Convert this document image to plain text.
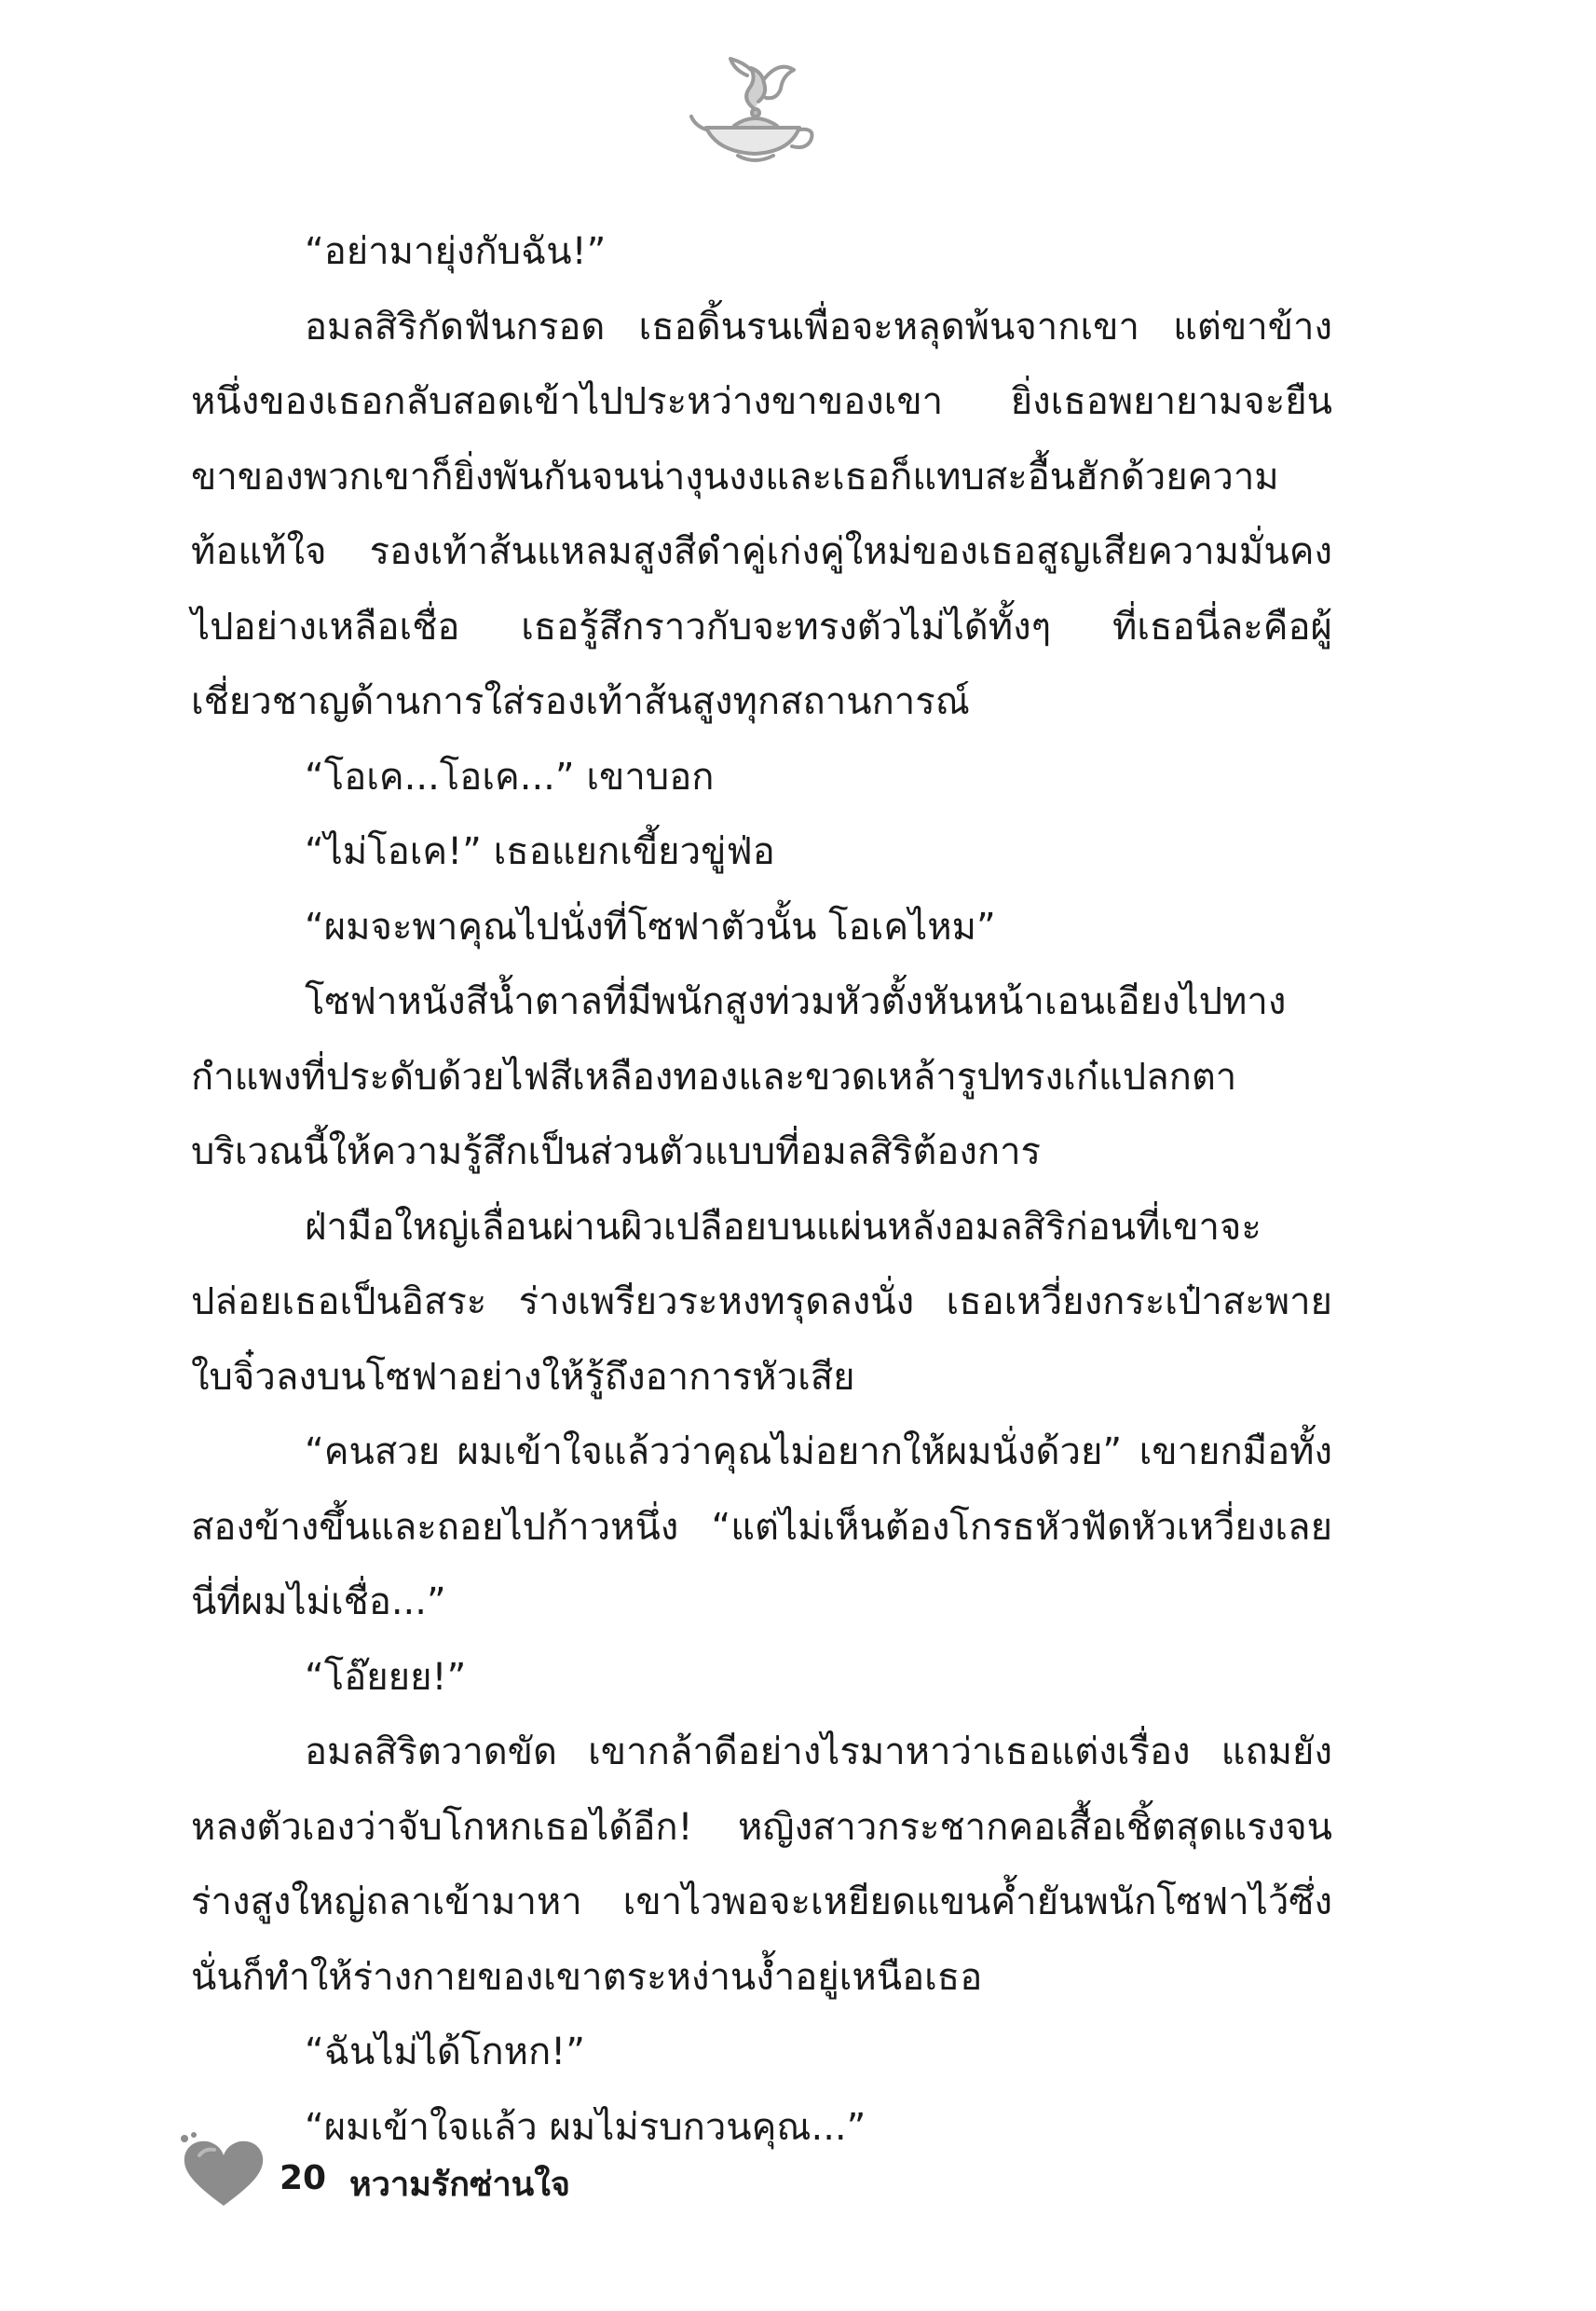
“อย่ามายุ่งกับฉัน!”

อมลสิริกัดฟันกรอด เธอดิ้นรนเพื่อจะหลุดพ้นจากเขา แต่ขาข้างหนึ่งของเธอกลับสอดเข้าไปประหว่างขาของเขา ยิ่งเธอพยายามจะยืน ขาของพวกเขาก็ยิ่งพันกันจนน่างุนงงและเธอก็แทบสะอื้นฮักด้วยความท้อแท้ใจ รองเท้าส้นแหลมสูงสีดำคู่เก่งคู่ใหม่ของเธอสูญเสียความมั่นคงไปอย่างเหลือเชื่อ เธอรู้สึกราวกับจะทรงตัวไม่ได้ทั้งๆ ที่เธอนี่ละคือผู้เชี่ยวชาญด้านการใส่รองเท้าส้นสูงทุกสถานการณ์

“โอเค...โอเค...” เขาบอก

“ไม่โอเค!” เธอแยกเขี้ยวขู่ฟ่อ

“ผมจะพาคุณไปนั่งที่โซฟาตัวนั้น โอเคไหม”

โซฟาหนังสีน้ำตาลที่มีพนักสูงท่วมหัวตั้งหันหน้าเอนเอียงไปทางกำแพงที่ประดับด้วยไฟสีเหลืองทองและขวดเหล้ารูปทรงเก๋แปลกตาบริเวณนี้ให้ความรู้สึกเป็นส่วนตัวแบบที่อมลสิริต้องการ

ฝ่ามือใหญ่เลื่อนผ่านผิวเปลือยบนแผ่นหลังอมลสิริก่อนที่เขาจะปล่อยเธอเป็นอิสระ ร่างเพรียวระหงทรุดลงนั่ง เธอเหวี่ยงกระเป๋าสะพายใบจิ๋วลงบนโซฟาอย่างให้รู้ถึงอาการหัวเสีย

“คนสวย ผมเข้าใจแล้วว่าคุณไม่อยากให้ผมนั่งด้วย” เขายกมือทั้งสองข้างขึ้นและถอยไปก้าวหนึ่ง “แต่ไม่เห็นต้องโกรธหัวฟัดหัวเหวี่ยงเลยนี่ที่ผมไม่เชื่อ...”

“โอ๊ยยย!”

อมลสิริตวาดขัด เขากล้าดีอย่างไรมาหาว่าเธอแต่งเรื่อง แถมยังหลงตัวเองว่าจับโกหกเธอได้อีก! หญิงสาวกระชากคอเสื้อเชิ้ตสุดแรงจนร่างสูงใหญ่ถลาเข้ามาหา เขาไวพอจะเหยียดแขนค้ำยันพนักโซฟาไว้ซึ่งนั่นก็ทำให้ร่างกายของเขาตระหง่านง้ำอยู่เหนือเธอ

“ฉันไม่ได้โกหก!”

“ผมเข้าใจแล้ว ผมไม่รบกวนคุณ...”

20 หวามรักซ่านใจ
